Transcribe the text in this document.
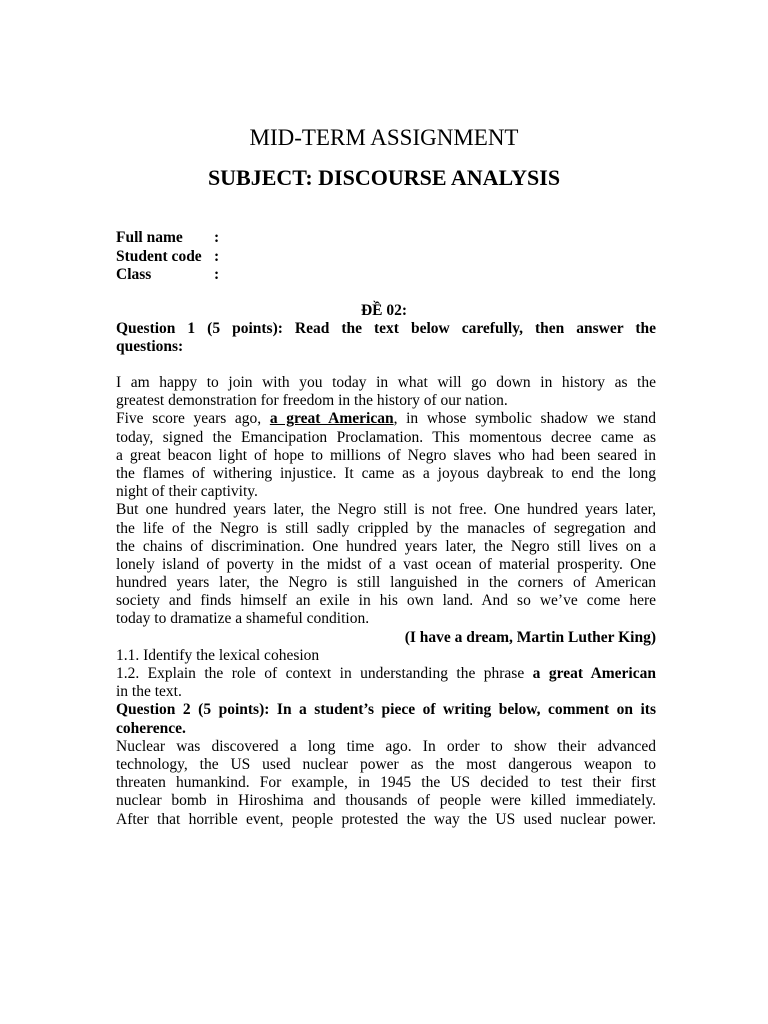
MID-TERM ASSIGNMENT
SUBJECT: DISCOURSE ANALYSIS
Full name :
Student code :
Class	:
ĐỀ 02:
Question 1 (5 points): Read the text below carefully, then answer the
questions:
I am happy to join with you today in what will go down in history as the
greatest demonstration for freedom in the history of our nation.
Five score years ago, a great American, in whose symbolic shadow we stand
today, signed the Emancipation Proclamation. This momentous decree came as
a great beacon light of hope to millions of Negro slaves who had been seared in
the flames of withering injustice. It came as a joyous daybreak to end the long
night of their captivity.
But one hundred years later, the Negro still is not free. One hundred years later,
the life of the Negro is still sadly crippled by the manacles of segregation and
the chains of discrimination. One hundred years later, the Negro still lives on a
lonely island of poverty in the midst of a vast ocean of material prosperity. One
hundred years later, the Negro is still languished in the corners of American
society and finds himself an exile in his own land. And so we’ve come here
today to dramatize a shameful condition.
(I have a dream, Martin Luther King)
1.1. Identify the lexical cohesion
1.2. Explain the role of context in understanding the phrase a great American
in the text.
Question 2 (5 points): In a student’s piece of writing below, comment on its
coherence.
Nuclear was discovered a long time ago. In order to show their advanced
technology, the US used nuclear power as the most dangerous weapon to
threaten humankind. For example, in 1945 the US decided to test their first
nuclear bomb in Hiroshima and thousands of people were killed immediately.
After that horrible event, people protested the way the US used nuclear power.
